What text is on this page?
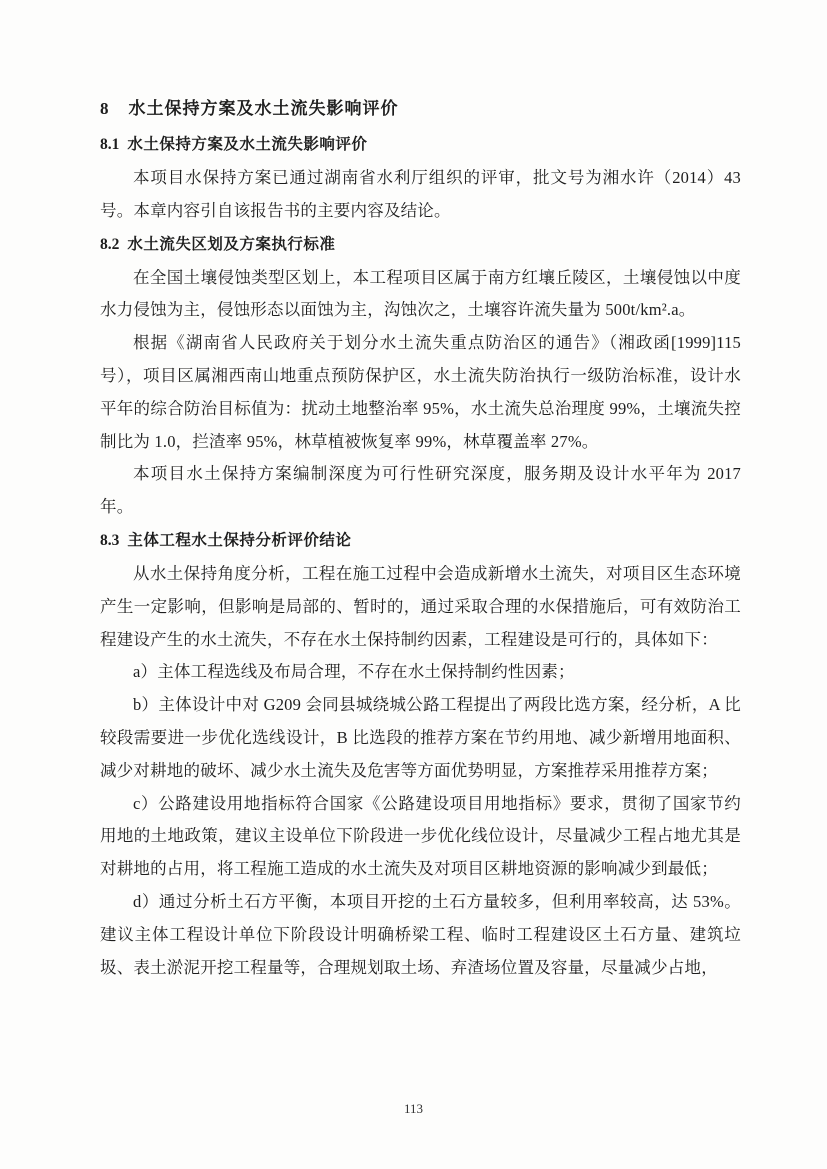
8 水土保持方案及水土流失影响评价
8.1 水土保持方案及水土流失影响评价

本项目水保持方案已通过湖南省水利厅组织的评审，批文号为湘水许（2014）43号。本章内容引自该报告书的主要内容及结论。

8.2 水土流失区划及方案执行标准

在全国土壤侵蚀类型区划上，本工程项目区属于南方红壤丘陵区，土壤侵蚀以中度水力侵蚀为主，侵蚀形态以面蚀为主，沟蚀次之，土壤容许流失量为 500t/km².a。

根据《湖南省人民政府关于划分水土流失重点防治区的通告》（湘政函[1999]115号），项目区属湘西南山地重点预防保护区，水土流失防治执行一级防治标准，设计水平年的综合防治目标值为：扰动土地整治率 95%，水土流失总治理度 99%，土壤流失控制比为 1.0，拦渣率 95%，林草植被恢复率 99%，林草覆盖率 27%。

本项目水土保持方案编制深度为可行性研究深度，服务期及设计水平年为 2017 年。

8.3 主体工程水土保持分析评价结论

从水土保持角度分析，工程在施工过程中会造成新增水土流失，对项目区生态环境产生一定影响，但影响是局部的、暂时的，通过采取合理的水保措施后，可有效防治工程建设产生的水土流失，不存在水土保持制约因素，工程建设是可行的，具体如下：

a）主体工程选线及布局合理，不存在水土保持制约性因素；

b）主体设计中对 G209 会同县城绕城公路工程提出了两段比选方案，经分析，A 比较段需要进一步优化选线设计，B 比选段的推荐方案在节约用地、减少新增用地面积、减少对耕地的破坏、减少水土流失及危害等方面优势明显，方案推荐采用推荐方案；

c）公路建设用地指标符合国家《公路建设项目用地指标》要求，贯彻了国家节约用地的土地政策，建议主设单位下阶段进一步优化线位设计，尽量减少工程占地尤其是对耕地的占用，将工程施工造成的水土流失及对项目区耕地资源的影响减少到最低；

d）通过分析土石方平衡，本项目开挖的土石方量较多，但利用率较高，达 53%。建议主体工程设计单位下阶段设计明确桥梁工程、临时工程建设区土石方量、建筑垃圾、表土淤泥开挖工程量等，合理规划取土场、弃渣场位置及容量，尽量减少占地，

113
